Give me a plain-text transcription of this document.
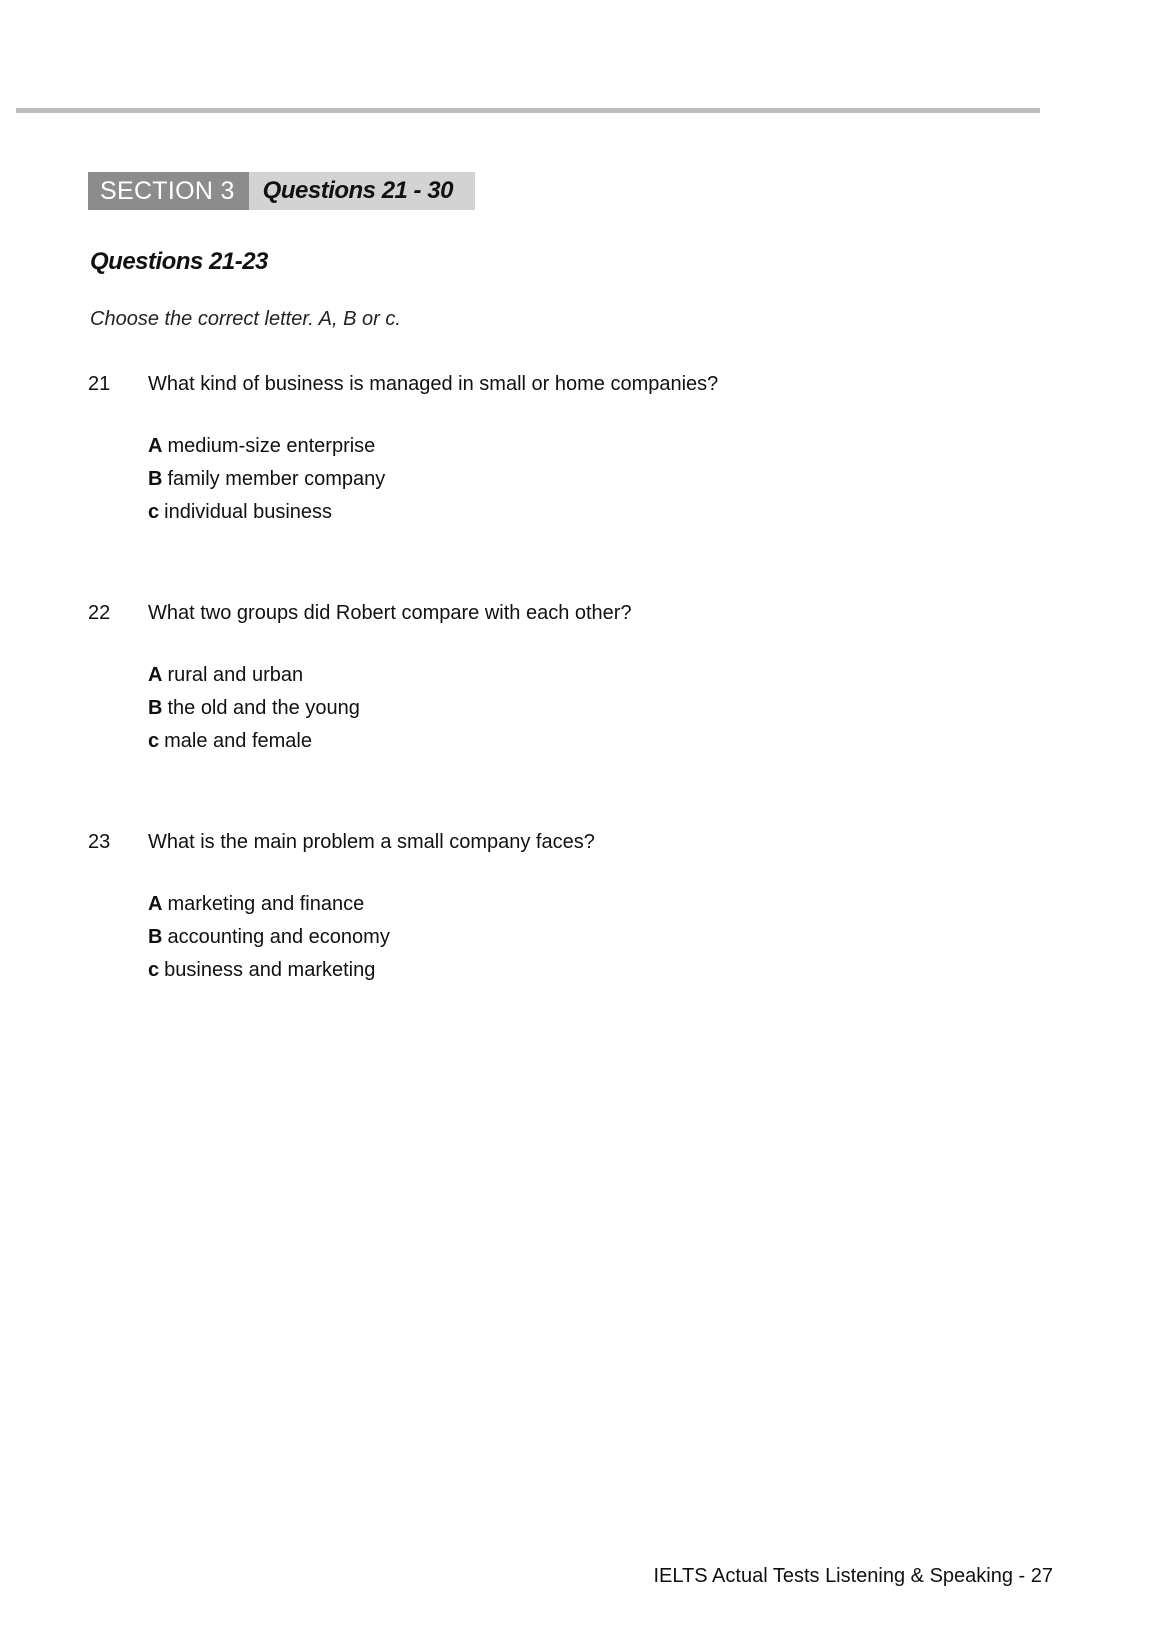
SECTION 3	Questions 21 - 30
Questions 21-23

Choose the correct letter. A, B or c.

21	What kind of business is managed in small or home companies?
A medium-size enterprise
B family member company
c individual business
22	What two groups did Robert compare with each other?
A rural and urban
B the old and the young
c male and female
23	What is the main problem a small company faces?
A marketing and finance
B accounting and economy
c business and marketing
IELTS Actual Tests Listening & Speaking - 27
